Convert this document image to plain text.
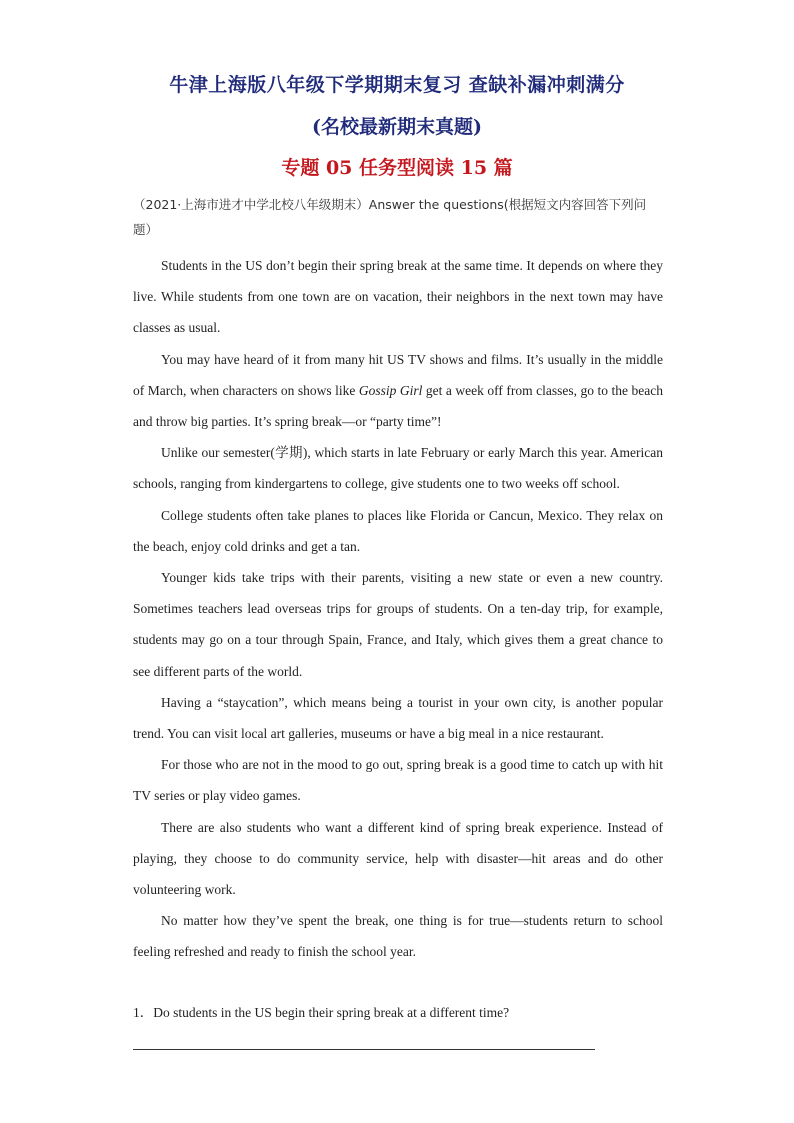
牛津上海版八年级下学期期末复习 查缺补漏冲刺满分
(名校最新期末真题)
专题 05 任务型阅读 15 篇
（2021·上海市进才中学北校八年级期末）Answer the questions(根据短文内容回答下列问题）

Students in the US don’t begin their spring break at the same time. It depends on where they live. While students from one town are on vacation, their neighbors in the next town may have classes as usual.

You may have heard of it from many hit US TV shows and films. It’s usually in the middle of March, when characters on shows like Gossip Girl get a week off from classes, go to the beach and throw big parties. It’s spring break—or “party time”!

Unlike our semester(学期), which starts in late February or early March this year. American schools, ranging from kindergartens to college, give students one to two weeks off school.

College students often take planes to places like Florida or Cancun, Mexico. They relax on the beach, enjoy cold drinks and get a tan.

Younger kids take trips with their parents, visiting a new state or even a new country. Sometimes teachers lead overseas trips for groups of students. On a ten-day trip, for example, students may go on a tour through Spain, France, and Italy, which gives them a great chance to see different parts of the world.

Having a “staycation”, which means being a tourist in your own city, is another popular trend. You can visit local art galleries, museums or have a big meal in a nice restaurant.

For those who are not in the mood to go out, spring break is a good time to catch up with hit TV series or play video games.

There are also students who want a different kind of spring break experience. Instead of playing, they choose to do community service, help with disaster—hit areas and do other volunteering work.

No matter how they’ve spent the break, one thing is for true—students return to school feeling refreshed and ready to finish the school year.

1．Do students in the US begin their spring break at a different time?
